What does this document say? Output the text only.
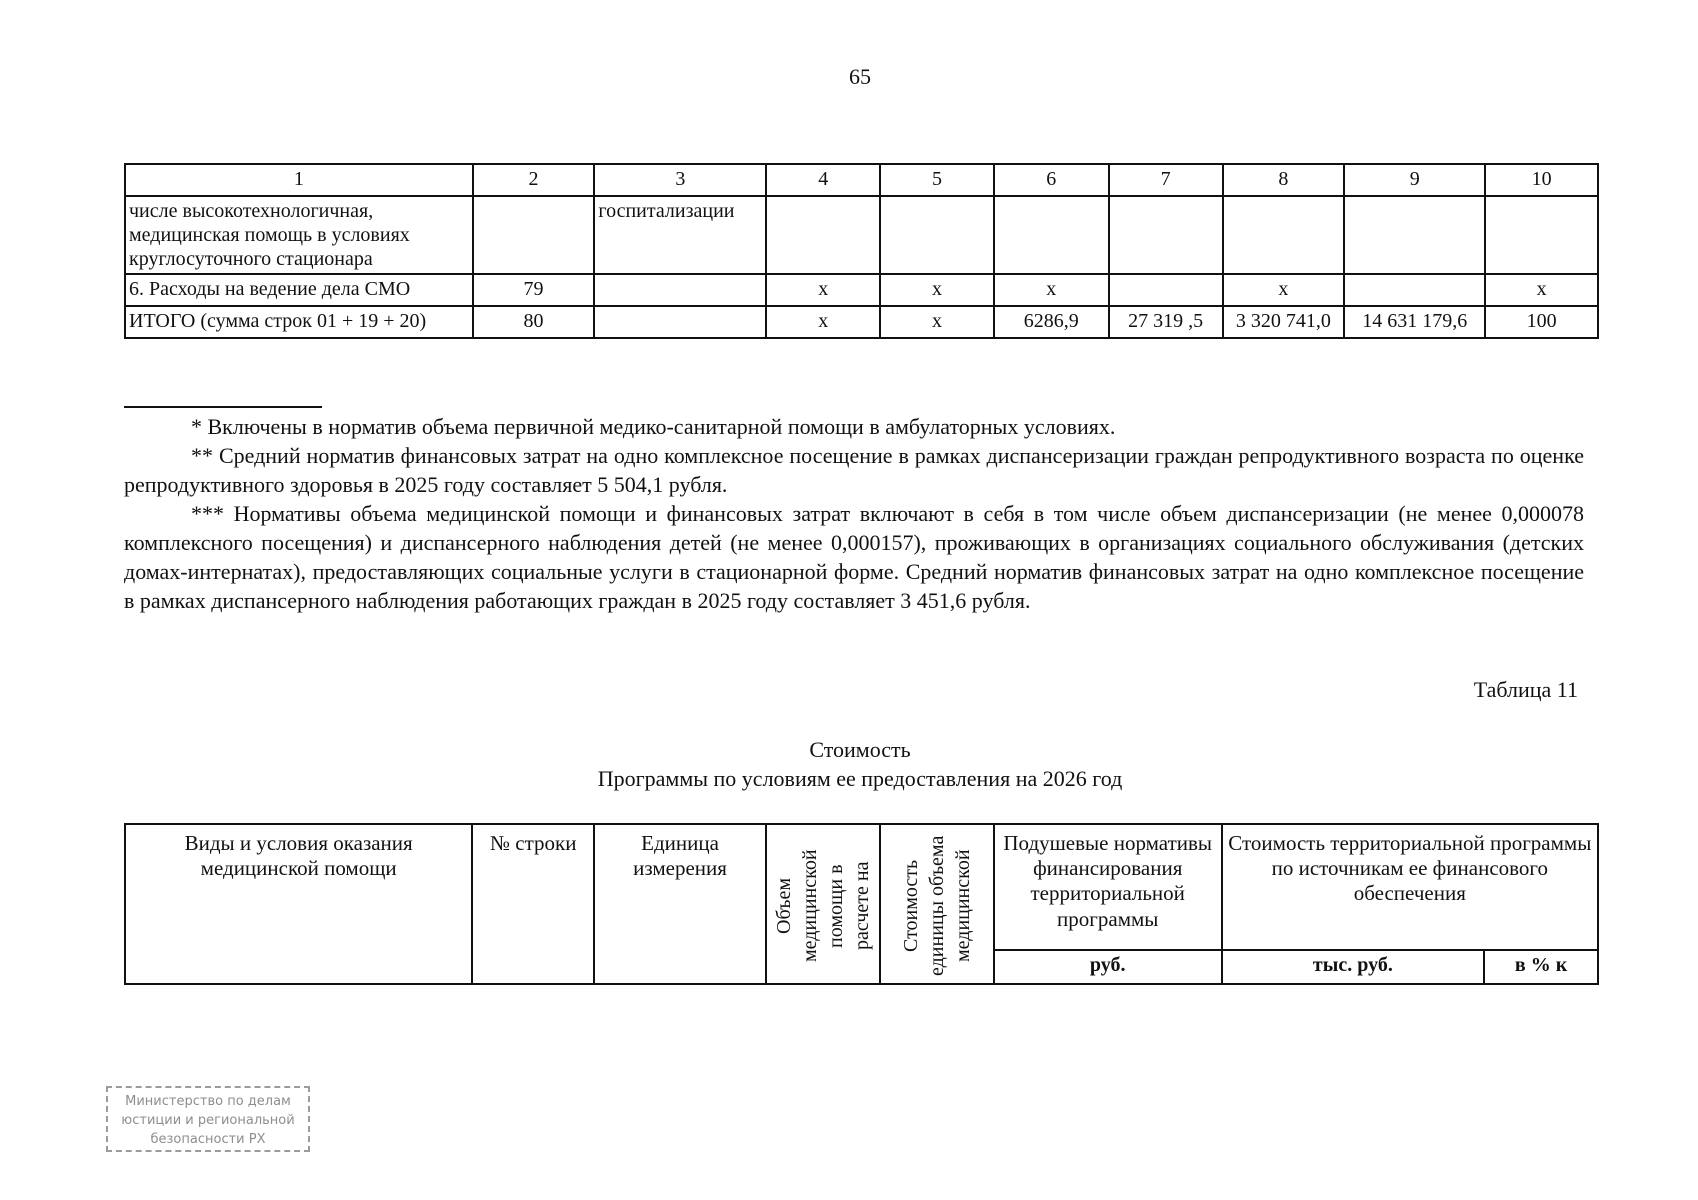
65
1	2	3	4	5	6	7	8	9	10
числе высокотехнологичная, медицинская помощь в условиях круглосуточного стационара		госпитализации							
6. Расходы на ведение дела СМО	79		х	х	х		х		х
ИТОГО (сумма строк 01 + 19 + 20)	80		х	х	6286,9	27 319 ,5	3 320 741,0	14 631 179,6	100

* Включены в норматив объема первичной медико-санитарной помощи в амбулаторных условиях.

** Средний норматив финансовых затрат на одно комплексное посещение в рамках диспансеризации граждан репродуктивного возраста по оценке репродуктивного здоровья в 2025 году составляет 5 504,1 рубля.

*** Нормативы объема медицинской помощи и финансовых затрат включают в себя в том числе объем диспансеризации (не менее 0,000078 комплексного посещения) и диспансерного наблюдения детей (не менее 0,000157), проживающих в организациях социального обслуживания (детских домах-интернатах), предоставляющих социальные услуги в стационарной форме. Средний норматив финансовых затрат на одно комплексное посещение в рамках диспансерного наблюдения работающих граждан в 2025 году составляет 3 451,6 рубля.

Таблица 11
Стоимость
Программы по условиям ее предоставления на 2026 год
Виды и условия оказания медицинской помощи	№ строки	Единица измерения	Объем медицинской помощи в расчете на	Стоимость единицы объема медицинской	Подушевые нормативы финансирования территориальной программы	Стоимость территориальной программы по источникам ее финансового обеспечения	
					руб.	тыс. руб.	в % к
Министерство по делам
юстиции и региональной
безопасности РХ
